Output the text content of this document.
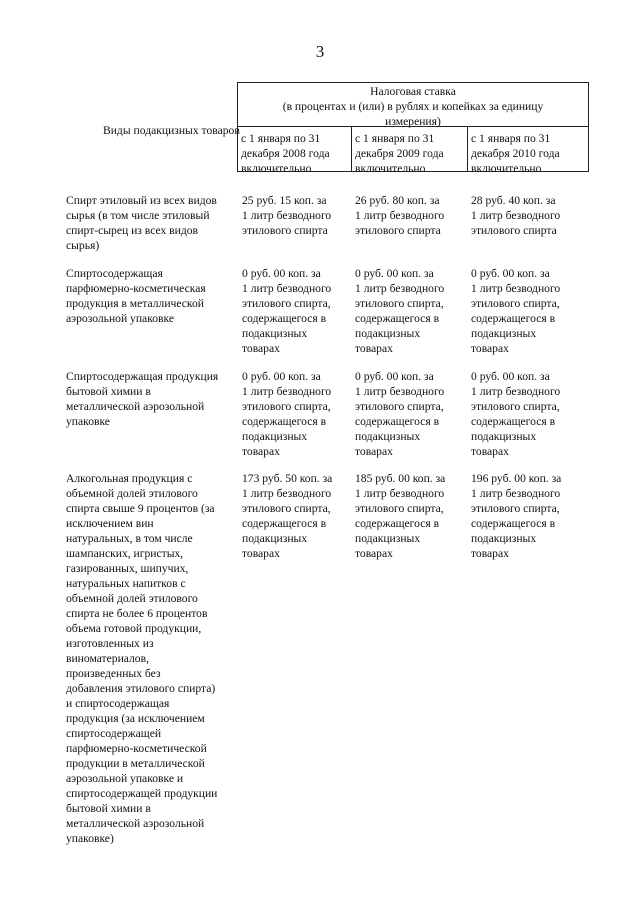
3
Виды подакцизных товаров
Налоговая ставка
(в процентах и (или) в рублях и копейках за единицу
измерения)
с 1 января по 31
декабря 2008 года
включительно
с 1 января по 31
декабря 2009 года
включительно
с 1 января по 31
декабря 2010 года
включительно
Спирт этиловый из всех видов
сырья (в том числе этиловый
спирт-сырец из всех видов
сырья)
25 руб. 15 коп. за
1 литр безводного
этилового спирта
26 руб. 80 коп. за
1 литр безводного
этилового спирта
28 руб. 40 коп. за
1 литр безводного
этилового спирта
Спиртосодержащая
парфюмерно-косметическая
продукция в металлической
аэрозольной упаковке
0 руб. 00 коп. за
1 литр безводного
этилового спирта,
содержащегося в
подакцизных
товарах
0 руб. 00 коп. за
1 литр безводного
этилового спирта,
содержащегося в
подакцизных
товарах
0 руб. 00 коп. за
1 литр безводного
этилового спирта,
содержащегося в
подакцизных
товарах
Спиртосодержащая продукция
бытовой химии в
металлической аэрозольной
упаковке
0 руб. 00 коп. за
1 литр безводного
этилового спирта,
содержащегося в
подакцизных
товарах
0 руб. 00 коп. за
1 литр безводного
этилового спирта,
содержащегося в
подакцизных
товарах
0 руб. 00 коп. за
1 литр безводного
этилового спирта,
содержащегося в
подакцизных
товарах
Алкогольная продукция с
объемной долей этилового
спирта свыше 9 процентов (за
исключением вин
натуральных, в том числе
шампанских, игристых,
газированных, шипучих,
натуральных напитков с
объемной долей этилового
спирта не более 6 процентов
объема готовой продукции,
изготовленных из
виноматериалов,
произведенных без
добавления этилового спирта)
и спиртосодержащая
продукция (за исключением
спиртосодержащей
парфюмерно-косметической
продукции в металлической
аэрозольной упаковке и
спиртосодержащей продукции
бытовой химии в
металлической аэрозольной
упаковке)
173 руб. 50 коп. за
1 литр безводного
этилового спирта,
содержащегося в
подакцизных
товарах
185 руб. 00 коп. за
1 литр безводного
этилового спирта,
содержащегося в
подакцизных
товарах
196 руб. 00 коп. за
1 литр безводного
этилового спирта,
содержащегося в
подакцизных
товарах
